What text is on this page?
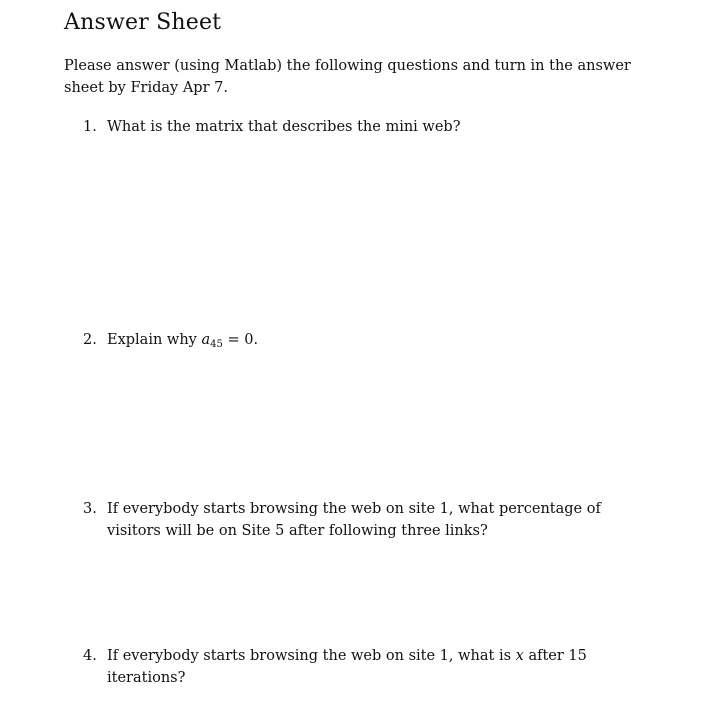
Answer Sheet

Please answer (using Matlab) the following questions and turn in the answer sheet by Friday Apr 7.

1. What is the matrix that describes the mini web?
2. Explain why $a_{45} = 0$.
3. If everybody starts browsing the web on site 1, what percentage of visitors will be on Site 5 after following three links?
4. If everybody starts browsing the web on site 1, what is x after 15 iterations?
